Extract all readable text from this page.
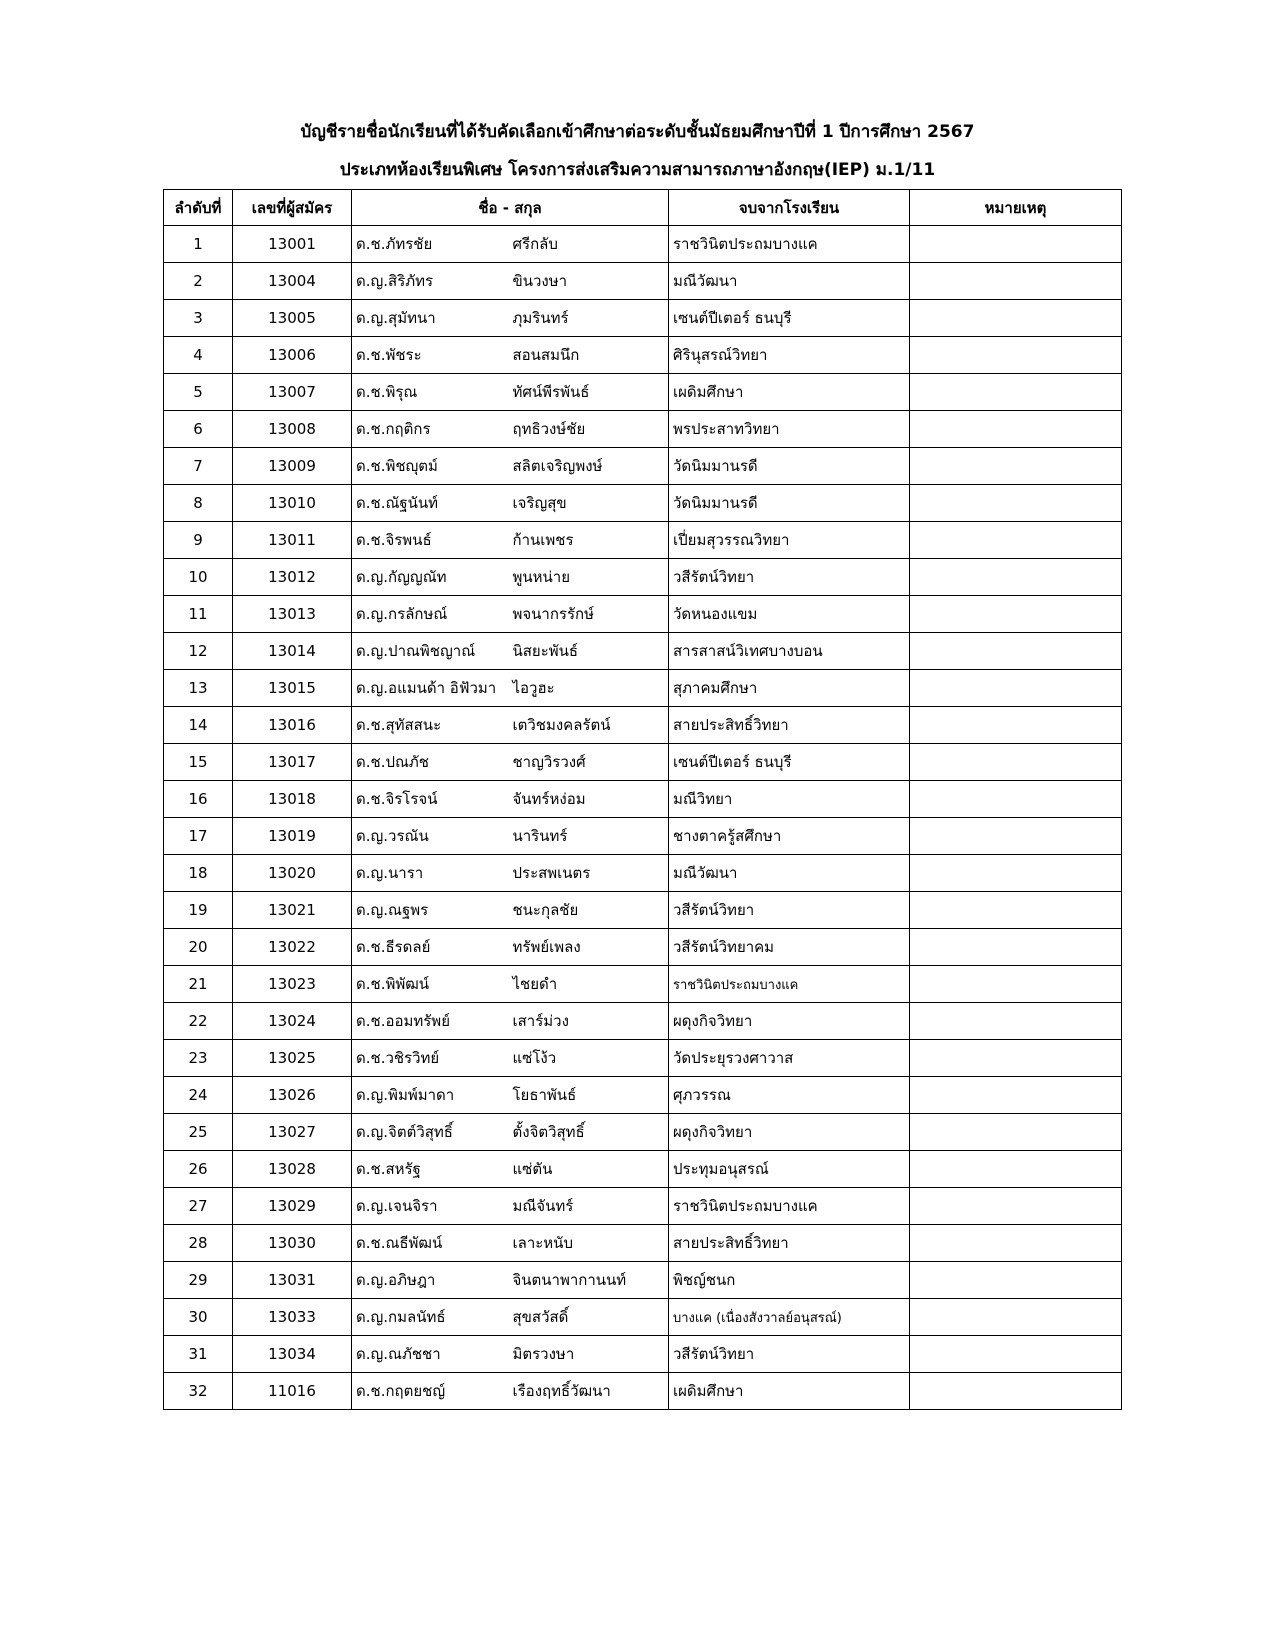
บัญชีรายชื่อนักเรียนที่ได้รับคัดเลือกเข้าศึกษาต่อระดับชั้นมัธยมศึกษาปีที่ 1 ปีการศึกษา 2567
ประเภทห้องเรียนพิเศษ โครงการส่งเสริมความสามารถภาษาอังกฤษ(IEP) ม.1/11
ลำดับที่	เลขที่ผู้สมัคร	ชื่อ - สกุล		จบจากโรงเรียน	หมายเหตุ
1	13001	ด.ช.ภัทรชัย	ศรีกลับ	ราชวินิตประถมบางแค	
2	13004	ด.ญ.สิริภัทร	ขินวงษา	มณีวัฒนา	
3	13005	ด.ญ.สุมัทนา	ภุมรินทร์	เซนต์ปีเตอร์ ธนบุรี	
4	13006	ด.ช.พัชระ	สอนสมนึก	ศิรินุสรณ์วิทยา	
5	13007	ด.ช.พิรุณ	ทัศน์พีรพันธ์	เผดิมศึกษา	
6	13008	ด.ช.กฤติกร	ฤทธิวงษ์ชัย	พรประสาทวิทยา	
7	13009	ด.ช.พิชญุตม์	สลิตเจริญพงษ์	วัดนิมมานรดี	
8	13010	ด.ช.ณัฐนันท์	เจริญสุข	วัดนิมมานรดี	
9	13011	ด.ช.จิรพนธ์	ก้านเพชร	เปี่ยมสุวรรณวิทยา	
10	13012	ด.ญ.กัญญณัท	พูนหน่าย	วสีรัตน์วิทยา	
11	13013	ด.ญ.กรลักษณ์	พจนากรรักษ์	วัดหนองแขม	
12	13014	ด.ญ.ปาณพิชญาณ์	นิสยะพันธ์	สารสาสน์วิเทศบางบอน	
13	13015	ด.ญ.อแมนด้า อิฟัวมา	ไอวูฮะ	สุภาคมศึกษา	
14	13016	ด.ช.สุทัสสนะ	เตวิชมงคลรัตน์	สายประสิทธิ์วิทยา	
15	13017	ด.ช.ปณภัช	ชาญวิรวงศ์	เซนต์ปีเตอร์ ธนบุรี	
16	13018	ด.ช.จิรโรจน์	จันทร์หง่อม	มณีวิทยา	
17	13019	ด.ญ.วรณัน	นารินทร์	ชางตาครู้สศึกษา	
18	13020	ด.ญ.นารา	ประสพเนตร	มณีวัฒนา	
19	13021	ด.ญ.ณฐพร	ชนะกุลชัย	วสีรัตน์วิทยา	
20	13022	ด.ช.ธีรดลย์	ทรัพย์เพลง	วสีรัตน์วิทยาคม	
21	13023	ด.ช.พิพัฒน์	ไชยดำ	ราชวินิตประถมบางแค	
22	13024	ด.ช.ออมทรัพย์	เสาร์ม่วง	ผดุงกิจวิทยา	
23	13025	ด.ช.วชิรวิทย์	แซ่โง้ว	วัดประยุรวงศาวาส	
24	13026	ด.ญ.พิมพ์มาดา	โยธาพันธ์	ศุภวรรณ	
25	13027	ด.ญ.จิตต์วิสุทธิ์	ตั้งจิตวิสุทธิ์	ผดุงกิจวิทยา	
26	13028	ด.ช.สหรัฐ	แซ่ตัน	ประทุมอนุสรณ์	
27	13029	ด.ญ.เจนจิรา	มณีจันทร์	ราชวินิตประถมบางแค	
28	13030	ด.ช.ณธีพัฒน์	เลาะหนับ	สายประสิทธิ์วิทยา	
29	13031	ด.ญ.อภิษฎา	จินตนาพากานนท์	พิชญ์ชนก	
30	13033	ด.ญ.กมลนัทธ์	สุขสวัสดิ์	บางแค (เนื่องสังวาลย์อนุสรณ์)	
31	13034	ด.ญ.ณภัชชา	มิตรวงษา	วสีรัตน์วิทยา	
32	11016	ด.ช.กฤตยชญ์	เรืองฤทธิ์วัฒนา	เผดิมศึกษา	
